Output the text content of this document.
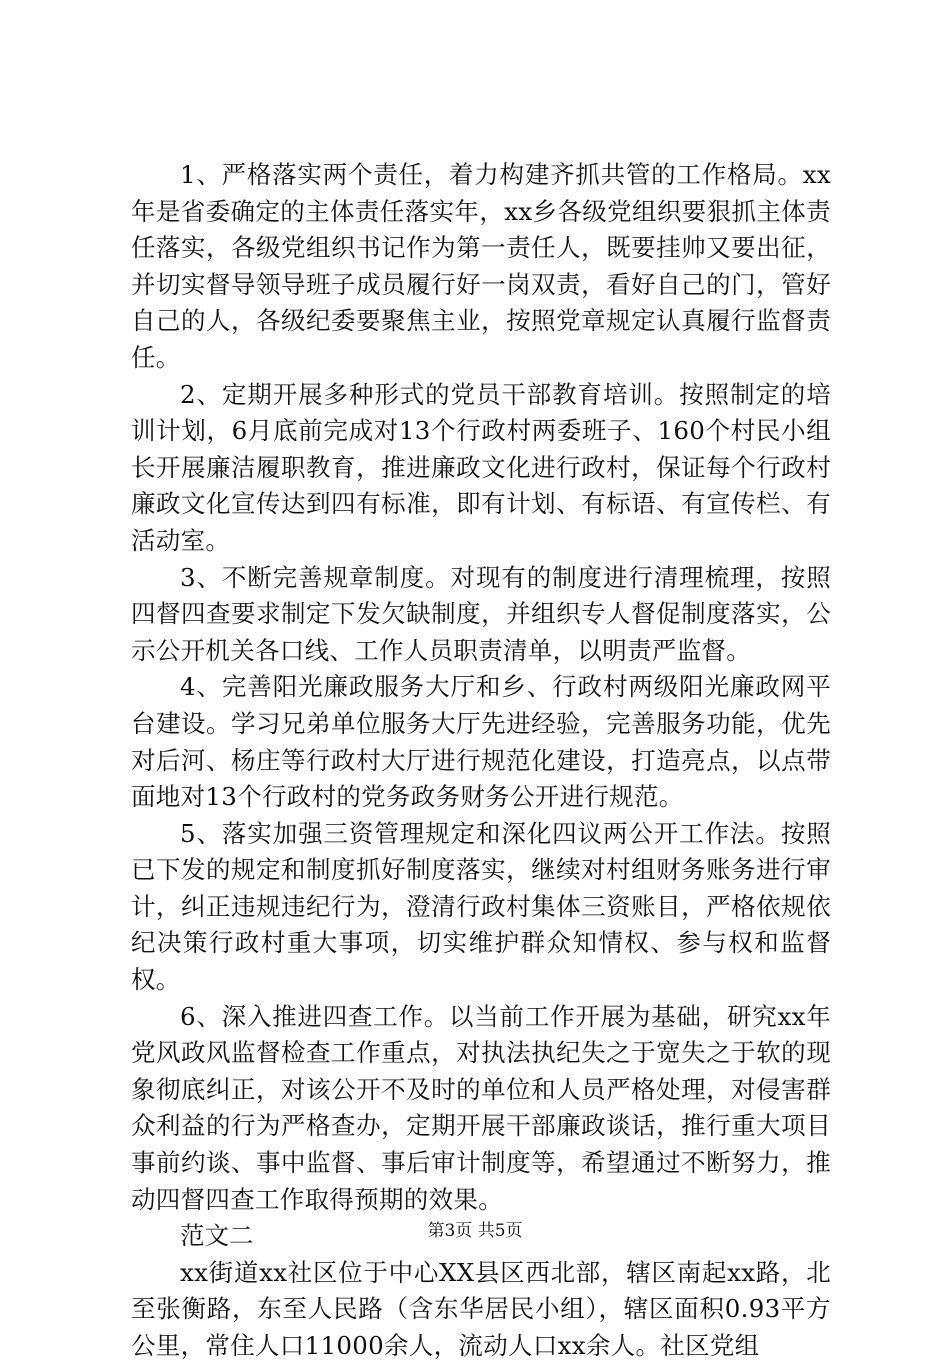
1、严格落实两个责任，着力构建齐抓共管的工作格局。xx年是省委确定的主体责任落实年，xx乡各级党组织要狠抓主体责任落实，各级党组织书记作为第一责任人，既要挂帅又要出征，并切实督导领导班子成员履行好一岗双责，看好自己的门，管好自己的人，各级纪委要聚焦主业，按照党章规定认真履行监督责任。

2、定期开展多种形式的党员干部教育培训。按照制定的培训计划，6月底前完成对13个行政村两委班子、160个村民小组长开展廉洁履职教育，推进廉政文化进行政村，保证每个行政村廉政文化宣传达到四有标准，即有计划、有标语、有宣传栏、有活动室。

3、不断完善规章制度。对现有的制度进行清理梳理，按照四督四查要求制定下发欠缺制度，并组织专人督促制度落实，公示公开机关各口线、工作人员职责清单，以明责严监督。

4、完善阳光廉政服务大厅和乡、行政村两级阳光廉政网平台建设。学习兄弟单位服务大厅先进经验，完善服务功能，优先对后河、杨庄等行政村大厅进行规范化建设，打造亮点，以点带面地对13个行政村的党务政务财务公开进行规范。

5、落实加强三资管理规定和深化四议两公开工作法。按照已下发的规定和制度抓好制度落实，继续对村组财务账务进行审计，纠正违规违纪行为，澄清行政村集体三资账目，严格依规依纪决策行政村重大事项，切实维护群众知情权、参与权和监督权。

6、深入推进四查工作。以当前工作开展为基础，研究xx年党风政风监督检查工作重点，对执法执纪失之于宽失之于软的现象彻底纠正，对该公开不及时的单位和人员严格处理，对侵害群众利益的行为严格查办，定期开展干部廉政谈话，推行重大项目事前约谈、事中监督、事后审计制度等，希望通过不断努力，推动四督四查工作取得预期的效果。

范文二

xx街道xx社区位于中心XX县区西北部，辖区南起xx路，北至张衡路，东至人民路（含东华居民小组），辖区面积0.93平方公里，常住人口11000余人，流动人口xx余人。社区党组

第3页 共5页
